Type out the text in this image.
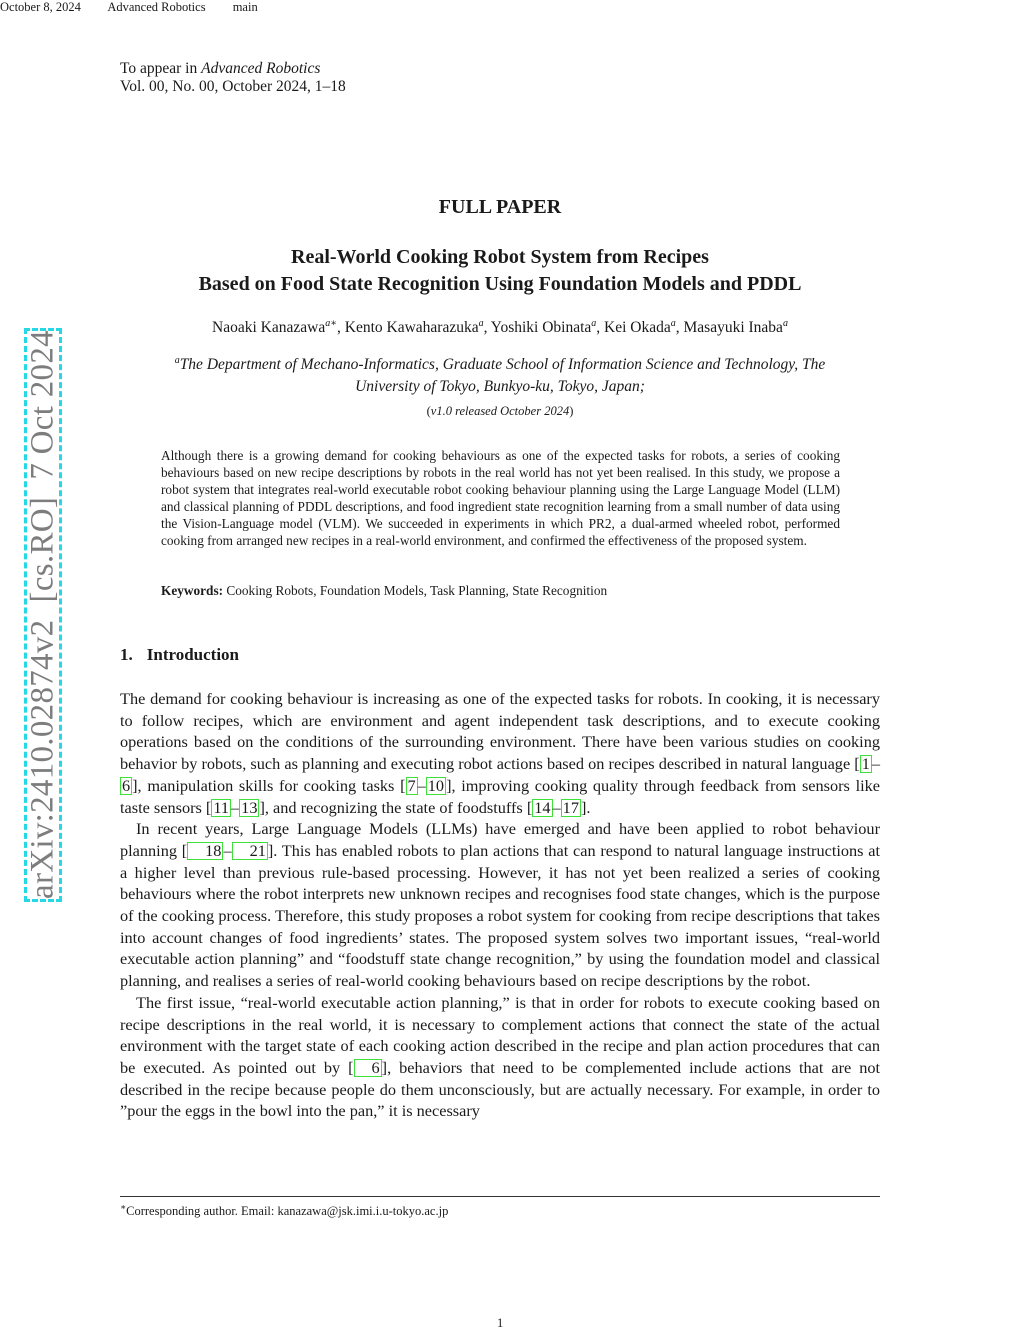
October 8, 2024 Advanced Robotics main
To appear in Advanced Robotics
Vol. 00, No. 00, October 2024, 1–18
arXiv:2410.02874v2  [cs.RO]  7 Oct 2024
FULL PAPER
Real-World Cooking Robot System from Recipes
Based on Food State Recognition Using Foundation Models and PDDL
Naoaki Kanazawa$^{a∗}$, Kento Kawaharazuka$^a$, Yoshiki Obinata$^a$, Kei Okada$^a$, Masayuki Inaba$^a$
$^a$The Department of Mechano-Informatics, Graduate School of Information Science and Technology, The
University of Tokyo, Bunkyo-ku, Tokyo, Japan;
(v1.0 released October 2024)

Although there is a growing demand for cooking behaviours as one of the expected tasks for robots, a series of cooking behaviours based on new recipe descriptions by robots in the real world has not yet been realised. In this study, we propose a robot system that integrates real-world executable robot cooking behaviour planning using the Large Language Model (LLM) and classical planning of PDDL descriptions, and food ingredient state recognition learning from a small number of data using the Vision-Language model (VLM). We succeeded in experiments in which PR2, a dual-armed wheeled robot, performed cooking from arranged new recipes in a real-world environment, and confirmed the effectiveness of the proposed system.

Keywords: Cooking Robots, Foundation Models, Task Planning, State Recognition
1. Introduction

The demand for cooking behaviour is increasing as one of the expected tasks for robots. In cooking, it is necessary to follow recipes, which are environment and agent independent task descriptions, and to execute cooking operations based on the conditions of the surrounding environment. There have been various studies on cooking behavior by robots, such as planning and executing robot actions based on recipes described in natural language [ 1 –6 ], manipulation skills for cooking tasks [ 7 – 10 ], improving cooking quality through feedback from sensors like taste sensors [ 11 – 13 ], and recognizing the state of foodstuffs [ 14 – 17 ].

In recent years, Large Language Models (LLMs) have emerged and have been applied to robot behaviour planning [ 18 – 21 ]. This has enabled robots to plan actions that can respond to natural language instructions at a higher level than previous rule-based processing. However, it has not yet been realized a series of cooking behaviours where the robot interprets new unknown recipes and recognises food state changes, which is the purpose of the cooking process. Therefore, this study proposes a robot system for cooking from recipe descriptions that takes into account changes of food ingredients’ states. The proposed system solves two important issues, “real-world executable action planning” and “foodstuff state change recognition,” by using the foundation model and classical planning, and realises a series of real-world cooking behaviours based on recipe descriptions by the robot.

The first issue, “real-world executable action planning,” is that in order for robots to execute cooking based on recipe descriptions in the real world, it is necessary to complement actions that connect the state of the actual environment with the target state of each cooking action described in the recipe and plan action procedures that can be executed. As pointed out by [ 6 ], behaviors that need to be complemented include actions that are not described in the recipe because people do them unconsciously, but are actually necessary. For example, in order to ”pour the eggs in the bowl into the pan,” it is necessary

∗Corresponding author. Email: kanazawa@jsk.imi.i.u-tokyo.ac.jp
1
